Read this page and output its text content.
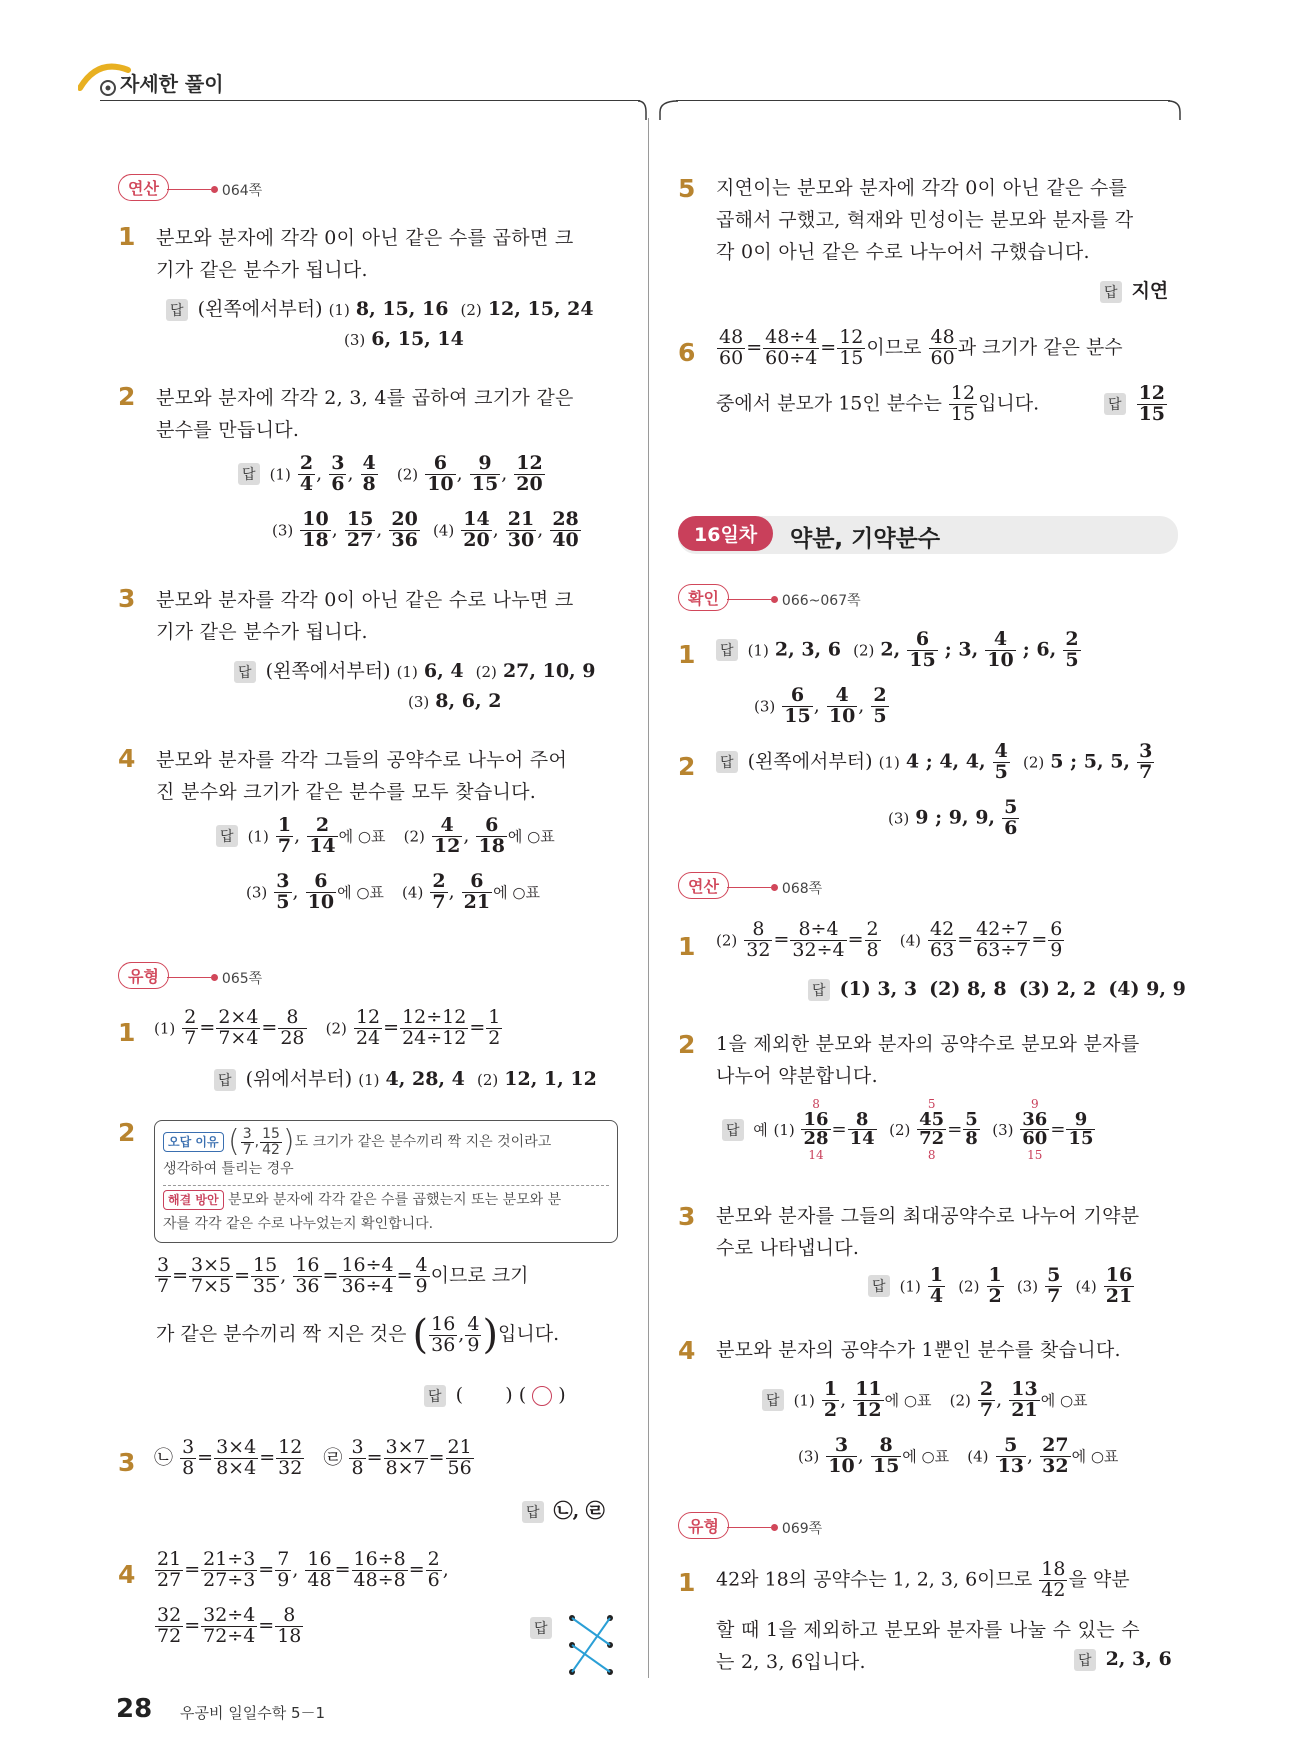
자세한 풀이
연산	064쪽
1 분모와 분자에 각각 0이 아닌 같은 수를 곱하면 크
기가 같은 분수가 됩니다.
답 (왼쪽에서부터) (1) 8, 15, 16 (2) 12, 15, 24
(3) 6, 15, 14
2 분모와 분자에 각각 2, 3, 4를 곱하여 크기가 같은
분수를 만듭니다.
답 $(1) \frac{2}{4}$ , $\frac{3}{6}$ , $\frac{4}{8} (2) \frac{6}{10}$ , $\frac{9}{15}$ , $\frac{12}{20}$
$(3) \frac{10}{18}$ , $\frac{15}{27}$ , $\frac{20}{36} (4) \frac{14}{20}$ , $\frac{21}{30}$ , $\frac{28}{40}$
3 분모와 분자를 각각 0이 아닌 같은 수로 나누면 크
기가 같은 분수가 됩니다.
답 (왼쪽에서부터) (1) 6, 4 (2) 27, 10, 9
(3) 8, 6, 2
4 분모와 분자를 각각 그들의 공약수로 나누어 주어
진 분수와 크기가 같은 분수를 모두 찾습니다.
답 $(1) \frac{1}{7}$ , $\frac{2}{14}$ 에 ○표 $(2) \frac{4}{12}$ , $\frac{6}{18}$ 에 ○표
$(3) \frac{3}{5}$ , $\frac{6}{10}$ 에 ○표 $(4) \frac{2}{7}$ , $\frac{6}{21}$ 에 ○표
유형	065쪽
1 $(1) \frac{2}{7} = \frac{2\times 4}{7\times 4} = \frac{8}{28} (2) \frac{12}{24} = \frac{12\div 12}{24\div 12} = \frac{1}{2}$
답 (위에서부터) (1) 4, 28, 4 (2) 12, 1, 12
2	오답 이유 ( $\frac{3}{7}$ , $\frac{15}{42}$ )도 크기가 같은 분수끼리 짝 지은 것이라고
생각하여 틀리는 경우
해결 방안 분모와 분자에 각각 같은 수를 곱했는지 또는 분모와 분
자를 각각 같은 수로 나누었는지 확인합니다.
$\frac{3}{7} = \frac{3\times 5}{7\times 5} = \frac{15}{35}$ , $\frac{16}{36} = \frac{16\div 4}{36\div 4} = \frac{4}{9}$ 이므로 크기
가 같은 분수끼리 짝 지은 것은 ( $\frac{16}{36}$ , $\frac{4}{9}$ )입니다.
답 (       ) ( ○ )
3 ㉡ $\frac{3}{8} = \frac{3\times 4}{8\times 4} = \frac{12}{32}$ ㉣ $\frac{3}{8} = \frac{3\times 7}{8\times 7} = \frac{21}{56}$
답 ㉡, ㉣
$4 \frac{21}{27} = \frac{21\div 3}{27\div 3} = \frac{7}{9}$ , $\frac{16}{48} = \frac{16\div 8}{48\div 8} = \frac{2}{6}$ ,
$\frac{32}{72} = \frac{32\div 4}{72\div 4} = \frac{8}{18}$	답
5 지연이는 분모와 분자에 각각 0이 아닌 같은 수를
곱해서 구했고, 혁재와 민성이는 분모와 분자를 각
각 0이 아닌 같은 수로 나누어서 구했습니다.
답 지연
$6 \frac{48}{60} = \frac{48\div 4}{60\div 4} = \frac{12}{15}$ 이므로 $\frac{48}{60}$ 과 크기가 같은 분수
중에서 분모가 15인 분수는 $\frac{12}{15}$ 입니다.	답 $\frac{12}{15}$
16일차	약분, 기약분수
확인	066~067쪽
1 답 (1) 2, 3, 6 (2) 2, $\frac{6}{15}$ ; 3, $\frac{4}{10}$ ; 6, $\frac{2}{5}$
$(3) \frac{6}{15}$ , $\frac{4}{10}$ , $\frac{2}{5}$
2 답 (왼쪽에서부터) (1) 4 ; 4, 4, $\frac{4}{5} (2)$ 5 ; 5, 5, $\frac{3}{7}$
(3) 9 ; 9, 9, $\frac{5}{6}$
연산	068쪽
1 $(2) \frac{8}{32} = \frac{8\div 4}{32\div 4} = \frac{2}{8} (4) \frac{42}{63} = \frac{42\div 7}{63\div 7} = \frac{6}{9}$
답 (1) 3, 3 (2) 8, 8 (3) 2, 2 (4) 9, 9
2 1을 제외한 분모와 분자의 공약수로 분모와 분자를
나누어 약분합니다.
답 예 (1)
8
16
28
14
= $\frac{8}{14} (2)$
5
45
72
8
= $\frac{5}{8} (3)$
9
36
60
15
= $\frac{9}{15}$
3 분모와 분자를 그들의 최대공약수로 나누어 기약분
수로 나타냅니다.
답 $(1) \frac{1}{4} (2) \frac{1}{2} (3) \frac{5}{7} (4) \frac{16}{21}$
4 분모와 분자의 공약수가 1뿐인 분수를 찾습니다.
답 $(1) \frac{1}{2}$ , $\frac{11}{12}$ 에 ○표 $(2) \frac{2}{7}$ , $\frac{13}{21}$ 에 ○표
$(3) \frac{3}{10}$ , $\frac{8}{15}$ 에 ○표 $(4) \frac{5}{13}$ , $\frac{27}{32}$ 에 ○표
유형	069쪽
1 42와 18의 공약수는 1, 2, 3, 6이므로 $\frac{18}{42}$ 을 약분
할 때 1을 제외하고 분모와 분자를 나눌 수 있는 수
는 2, 3, 6입니다.	답 2, 3, 6
28 우공비 일일수학 5－1
